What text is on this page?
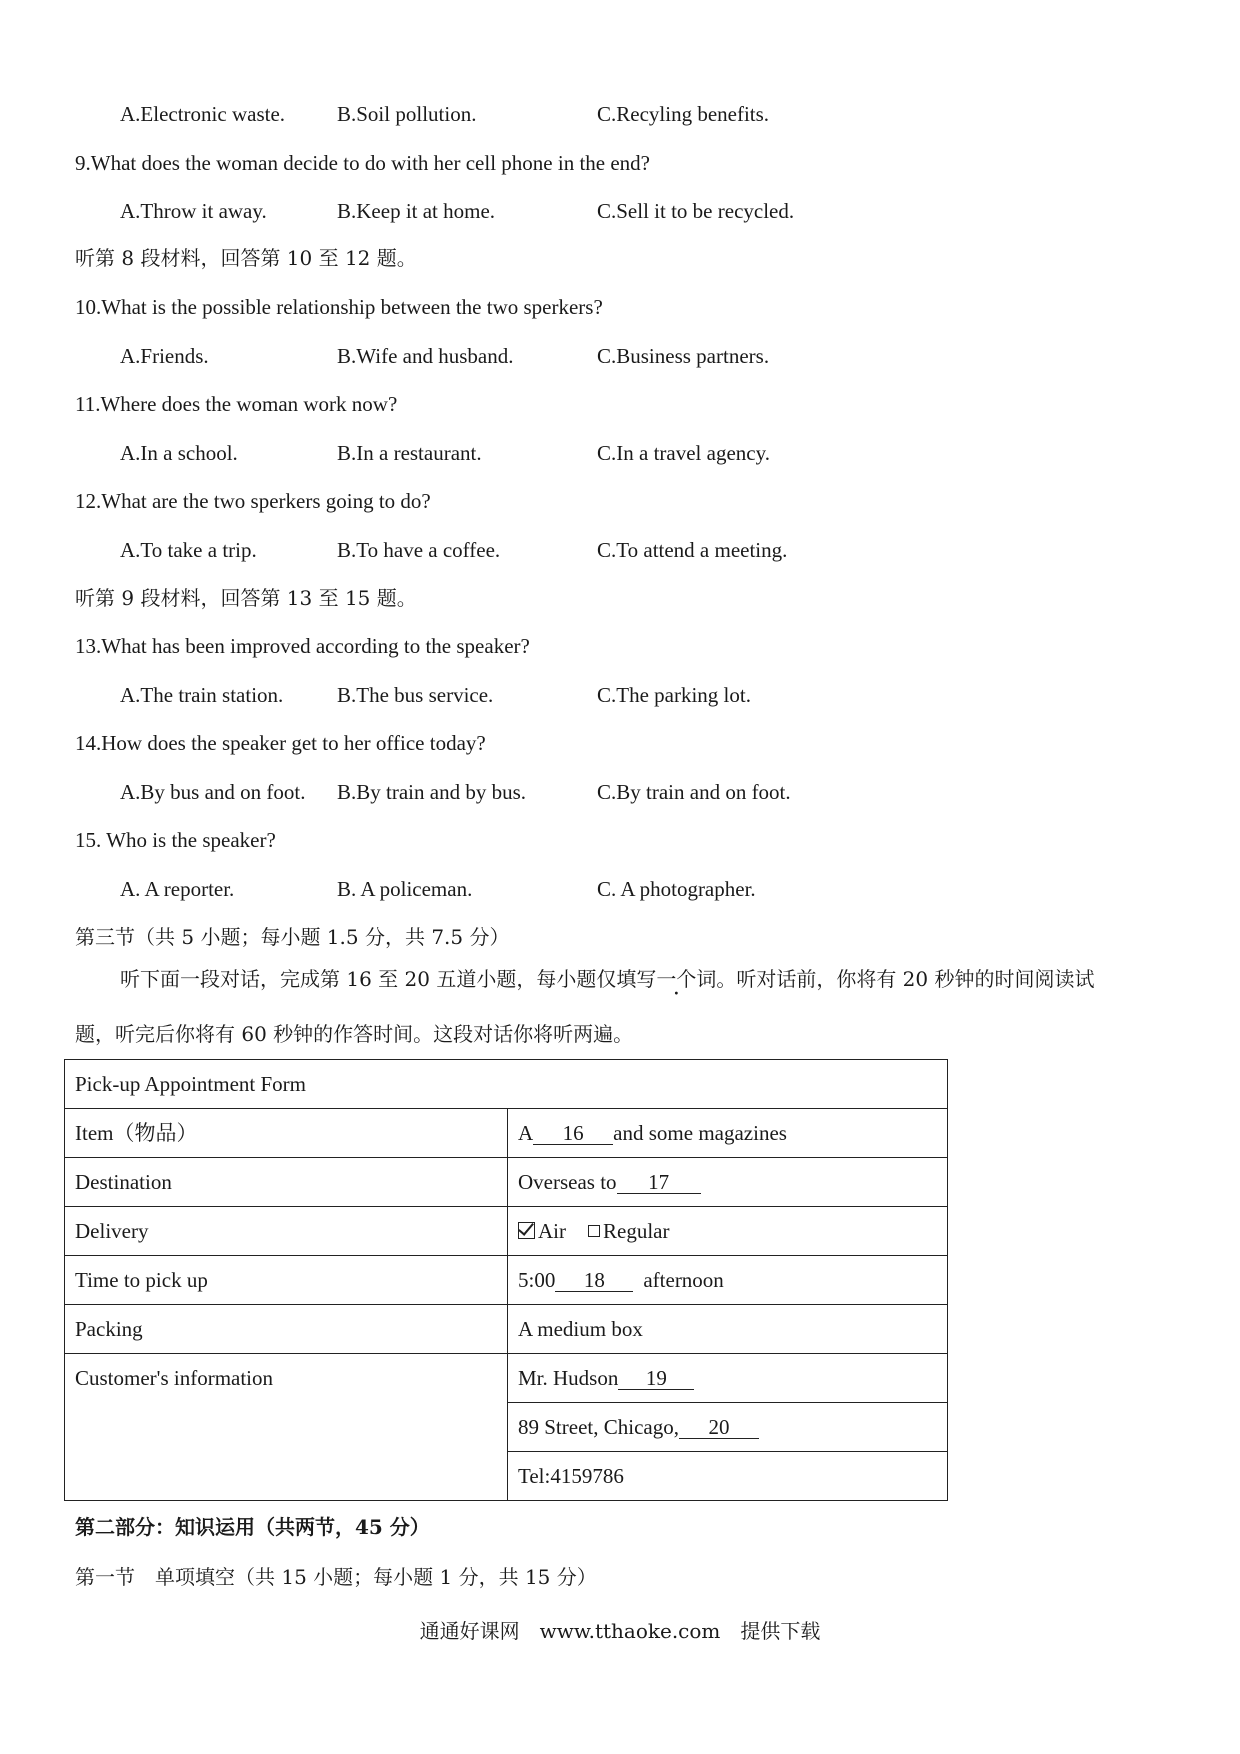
A.Electronic waste. B.Soil pollution.	C.Recyling benefits.
9.What does the woman decide to do with her cell phone in the end?
A.Throw it away.	B.Keep it at home.	C.Sell it to be recycled.
听第 8 段材料，回答第 10 至 12 题。
10.What is the possible relationship between the two sperkers?
A.Friends.	B.Wife and husband.	C.Business partners.
11.Where does the woman work now?
A.In a school.	B.In a restaurant.	C.In a travel agency.
12.What are the two sperkers going to do?
A.To take a trip.	B.To have a coffee.	C.To attend a meeting.
听第 9 段材料，回答第 13 至 15 题。
13.What has been improved according to the speaker?
A.The train station.	B.The bus service.	C.The parking lot.
14.How does the speaker get to her office today?
A.By bus and on foot. B.By train and by bus.	C.By train and on foot.
15. Who is the speaker?
A. A reporter.	B. A policeman.	C. A photographer.
第三节（共 5 小题；每小题 1.5 分，共 7.5 分）
听下面一段对话，完成第 16 至 20 五道小题，每小题仅填写一个词。听对话前，你将有 20 秒钟的时间阅读试
题，听完后你将有 60 秒钟的作答时间。这段对话你将听两遍。
Pick-up Appointment Form	
Item（物品）	A 16 and some magazines
Destination	Overseas to 17
Delivery	Air Regular
Time to pick up	5:00 18 afternoon
Packing	A medium box
Customer's information	Mr. Hudson 19
	89 Street, Chicago, 20
	Tel:4159786
第二部分：知识运用（共两节，45 分）
第一节　单项填空（共 15 小题；每小题 1 分，共 15 分）
通通好课网　www.tthaoke.com　提供下载
